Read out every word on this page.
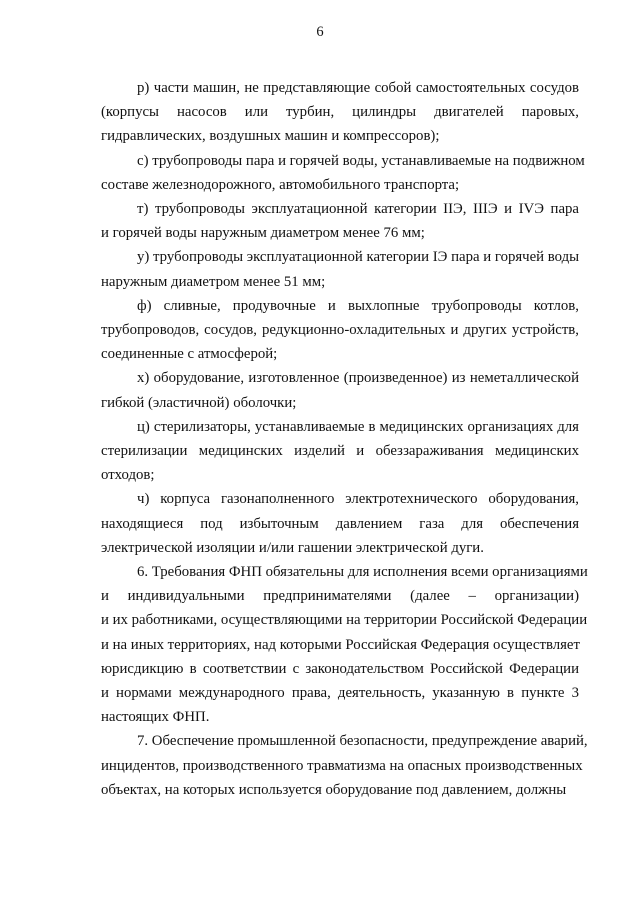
6
р) части машин, не представляющие собой самостоятельных сосудов
(корпусы насосов или турбин, цилиндры двигателей паровых,
гидравлических, воздушных машин и компрессоров);
с) трубопроводы пара и горячей воды, устанавливаемые на подвижном
составе железнодорожного, автомобильного транспорта;
т) трубопроводы эксплуатационной категории IIЭ, IIIЭ и IVЭ пара
и горячей воды наружным диаметром менее 76 мм;
у) трубопроводы эксплуатационной категории IЭ пара и горячей воды
наружным диаметром менее 51 мм;
ф) сливные, продувочные и выхлопные трубопроводы котлов,
трубопроводов, сосудов, редукционно-охладительных и других устройств,
соединенные с атмосферой;
х) оборудование, изготовленное (произведенное) из неметаллической
гибкой (эластичной) оболочки;
ц) стерилизаторы, устанавливаемые в медицинских организациях для
стерилизации медицинских изделий и обеззараживания медицинских
отходов;
ч) корпуса газонаполненного электротехнического оборудования,
находящиеся под избыточным давлением газа для обеспечения
электрической изоляции и/или гашении электрической дуги.
6. Требования ФНП обязательны для исполнения всеми организациями
и индивидуальными предпринимателями (далее – организации)
и их работниками, осуществляющими на территории Российской Федерации
и на иных территориях, над которыми Российская Федерация осуществляет
юрисдикцию в соответствии с законодательством Российской Федерации
и нормами международного права, деятельность, указанную в пункте 3
настоящих ФНП.
7. Обеспечение промышленной безопасности, предупреждение аварий,
инцидентов, производственного травматизма на опасных производственных
объектах, на которых используется оборудование под давлением, должны
